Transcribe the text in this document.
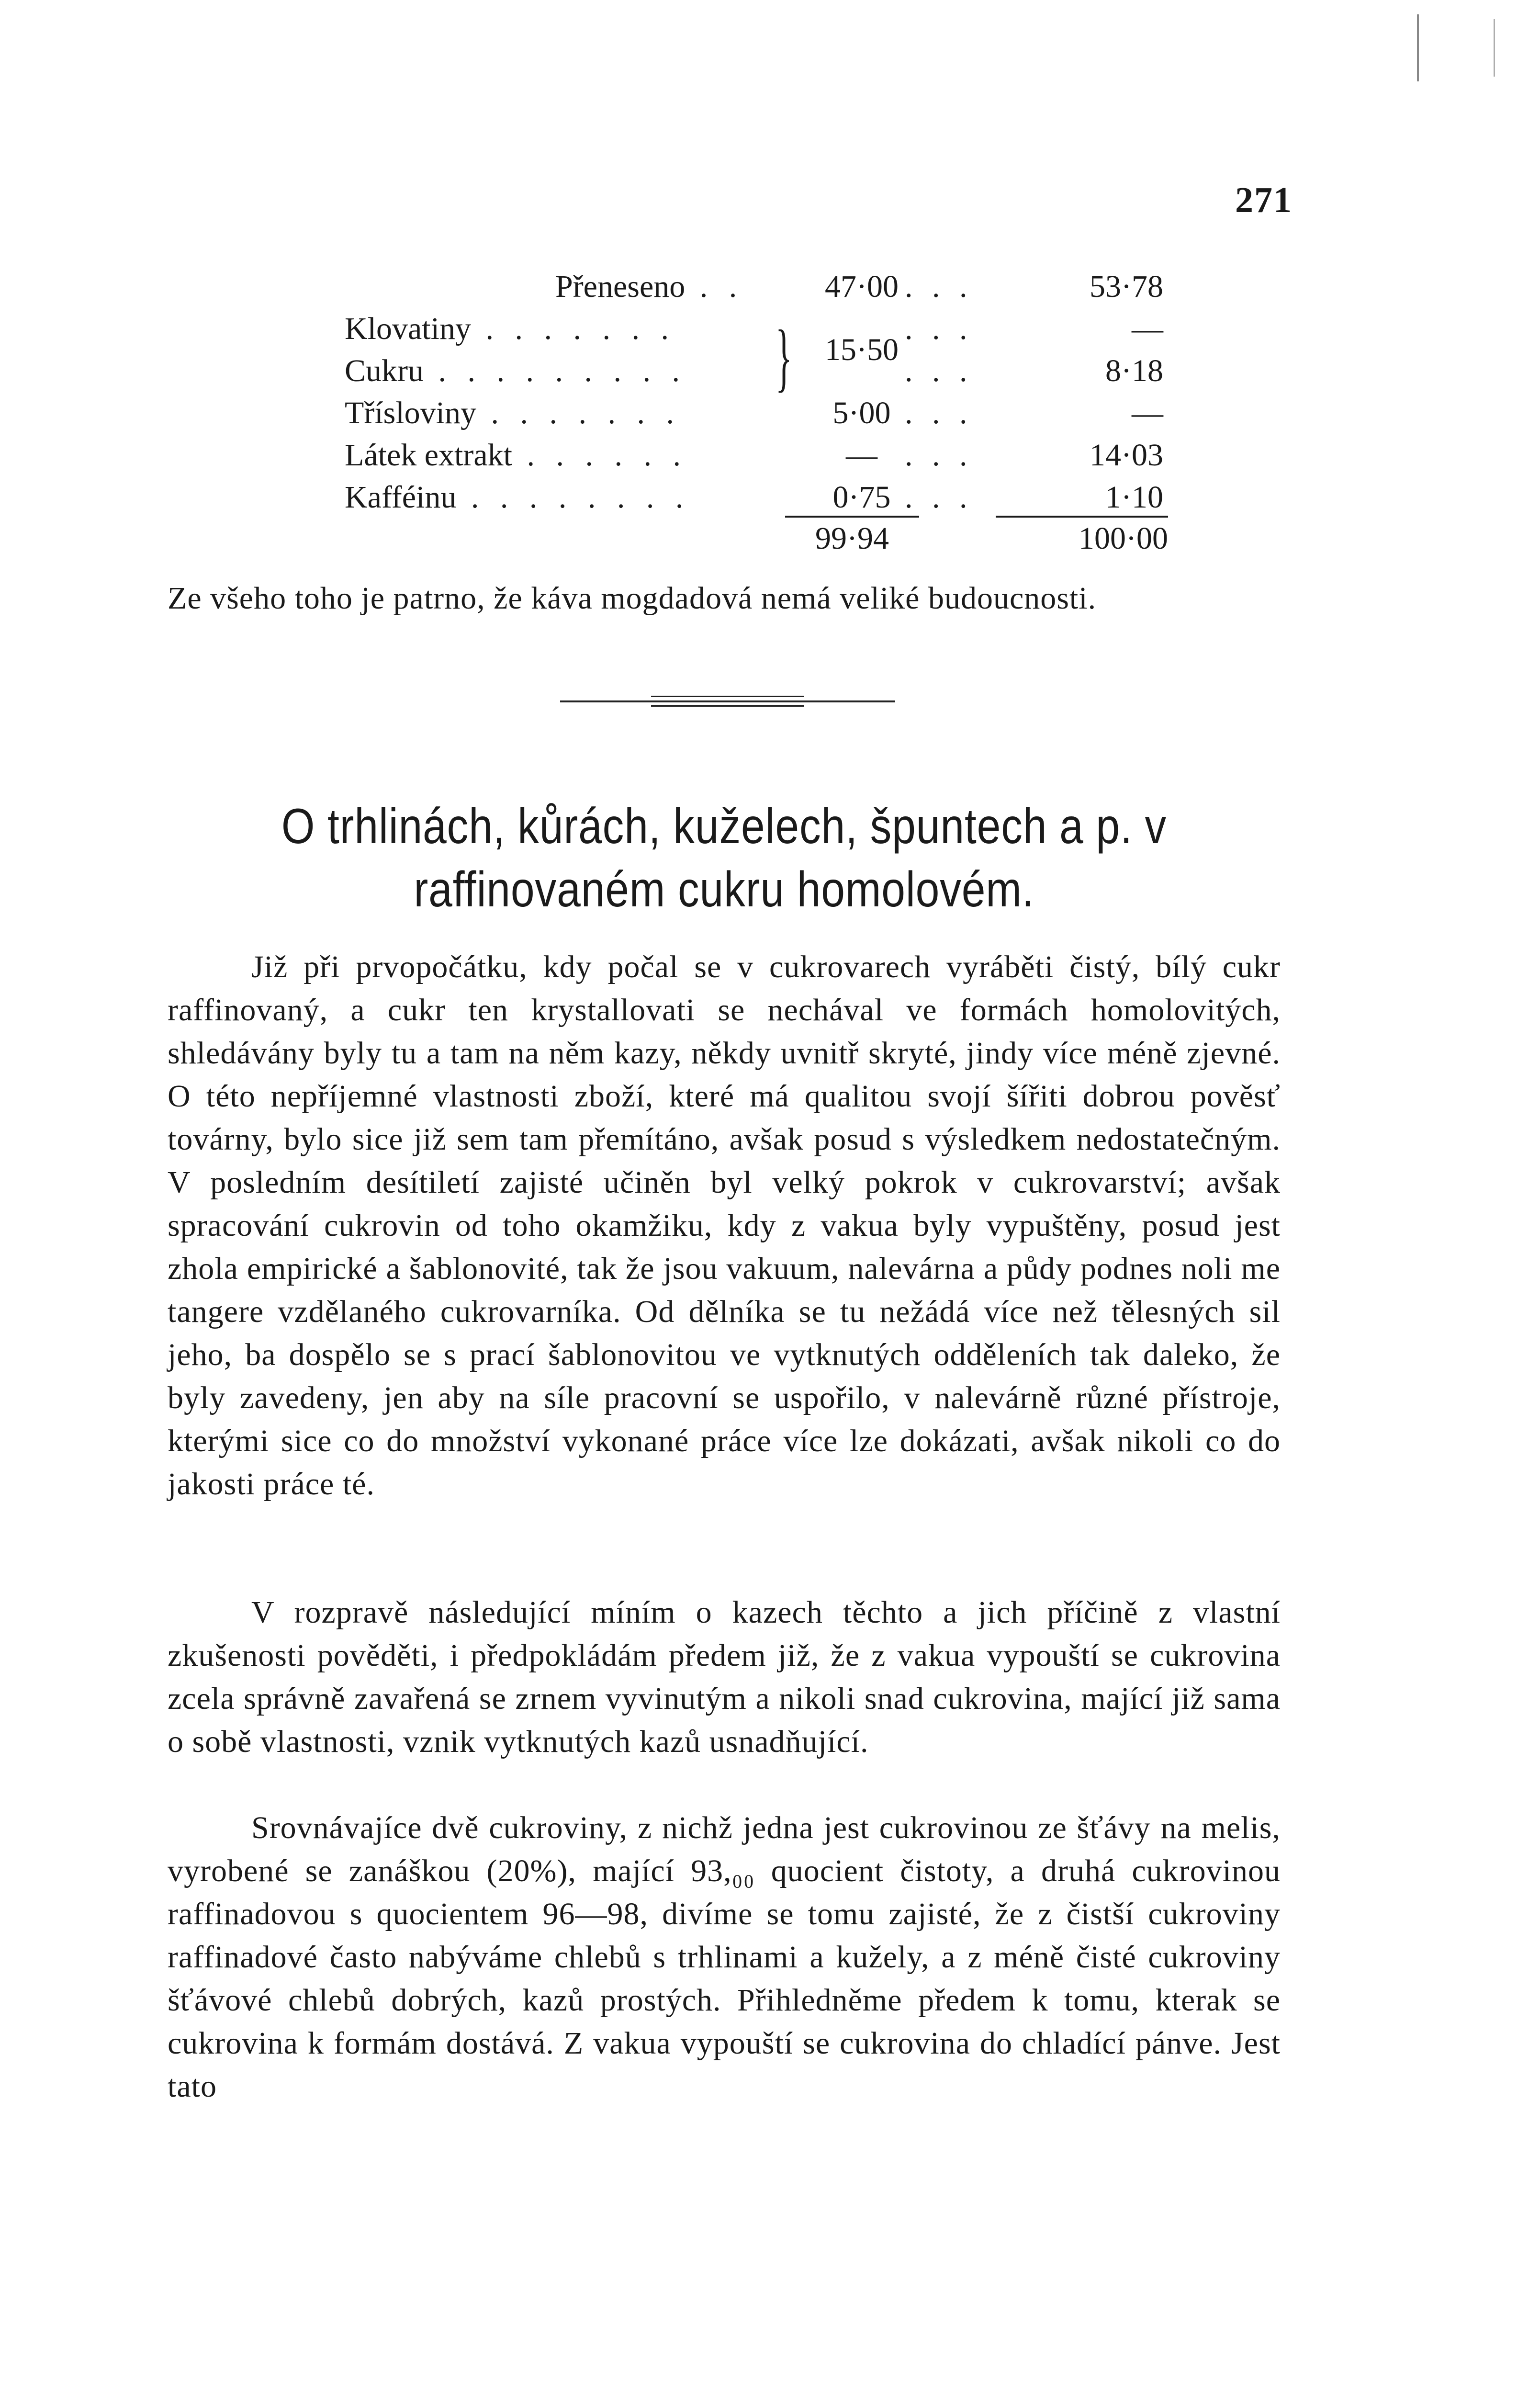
271
Přeneseno . .	47·00 . . .	53·78
Klovatiny . . . . . . .	. . .	—
Cukru . . . . . . . . .	. . .	8·18
}	15·50
Třísloviny . . . . . . .	5·00 . . .	—
Látek extrakt . . . . . .	— . . .	14·03
Kafféinu . . . . . . . .	0·75 . . .	1·10
99·94	100·00
Ze všeho toho je patrno, že káva mogdadová nemá veliké budoucnosti.
O trhlinách, kůrách, kuželech, špuntech a p. v raffinovaném cukru homolovém.
Již při prvopočátku, kdy počal se v cukrovarech vyráběti čistý, bílý cukr raffinovaný, a cukr ten krystallovati se nechával ve formách homolovitých, shledávány byly tu a tam na něm kazy, někdy uvnitř skryté, jindy více méně zjevné. O této nepříjemné vlastnosti zboží, které má qualitou svojí šířiti dobrou pověsť továrny, bylo sice již sem tam přemítáno, avšak posud s výsledkem nedostatečným. V posledním desítiletí zajisté učiněn byl velký pokrok v cukrovarství; avšak spracování cukrovin od toho okamžiku, kdy z vakua byly vypuštěny, posud jest zhola empirické a šablonovité, tak že jsou vakuum, nalevárna a půdy podnes noli me tangere vzdělaného cukrovarníka. Od dělníka se tu nežádá více než tělesných sil jeho, ba dospělo se s prací šablonovitou ve vytknutých odděleních tak daleko, že byly zavedeny, jen aby na síle pracovní se uspořilo, v nalevárně různé přístroje, kterými sice co do množství vykonané práce více lze dokázati, avšak nikoli co do jakosti práce té.
V rozpravě následující míním o kazech těchto a jich příčině z vlastní zkušenosti pověděti, i předpokládám předem již, že z vakua vypouští se cukrovina zcela správně zavařená se zrnem vyvinutým a nikoli snad cukrovina, mající již sama o sobě vlastnosti, vznik vytknutých kazů usnadňující.
Srovnávajíce dvě cukroviny, z nichž jedna jest cukrovinou ze šťávy na melis, vyrobené se zanáškou (20%), mající 93,₀₀ quocient čistoty, a druhá cukrovinou raffinadovou s quocientem 96—98, divíme se tomu zajisté, že z čistší cukroviny raffinadové často nabýváme chlebů s trhlinami a kužely, a z méně čisté cukroviny šťávové chlebů dobrých, kazů prostých. Přihledněme předem k tomu, kterak se cukrovina k formám dostává. Z vakua vypouští se cukrovina do chladící pánve. Jest tato
